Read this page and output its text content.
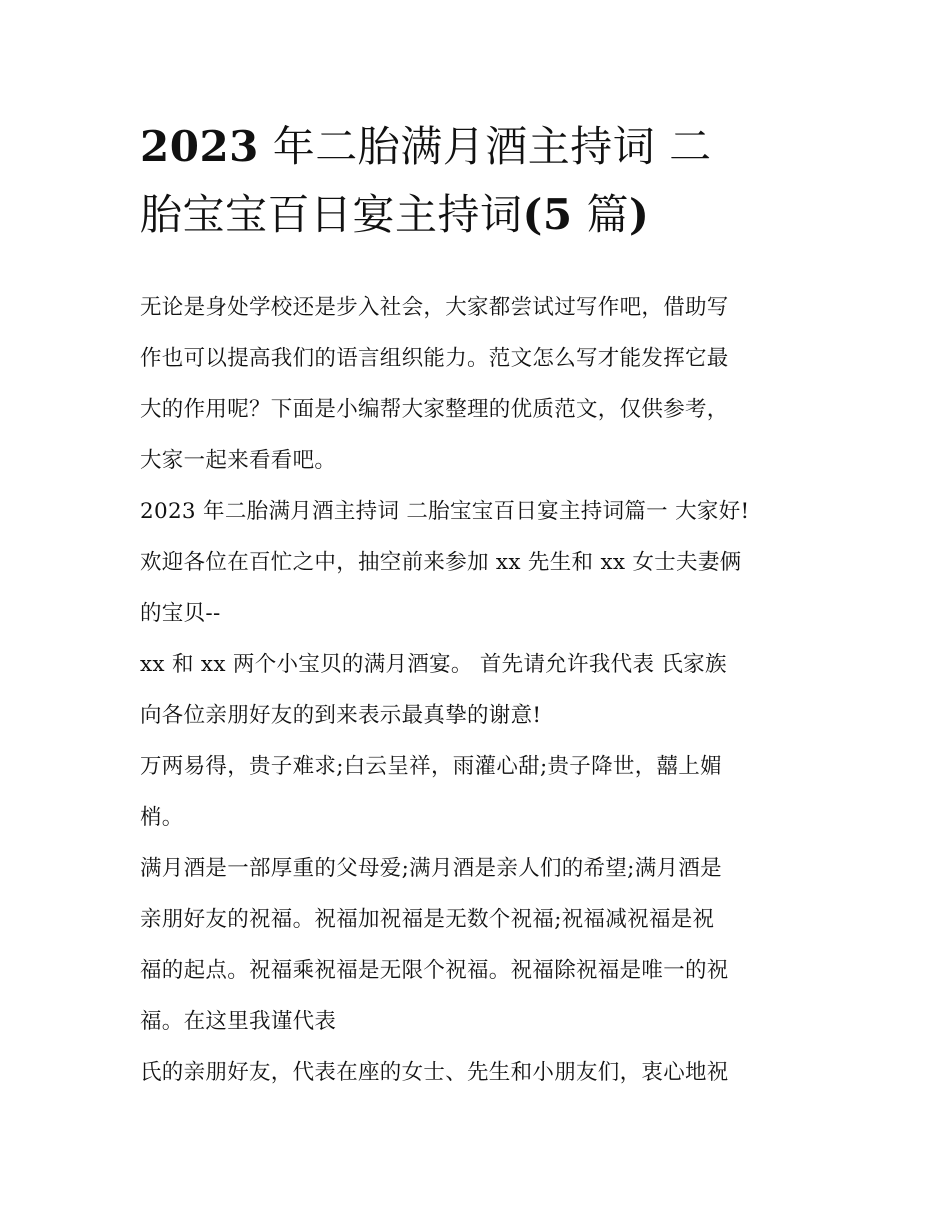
2023 年二胎满月酒主持词 二
胎宝宝百日宴主持词(5 篇)

无论是身处学校还是步入社会，大家都尝试过写作吧，借助写
作也可以提高我们的语言组织能力。范文怎么写才能发挥它最
大的作用呢？下面是小编帮大家整理的优质范文，仅供参考，
大家一起来看看吧。

2023 年二胎满月酒主持词 二胎宝宝百日宴主持词篇一 大家好!
欢迎各位在百忙之中，抽空前来参加 xx 先生和 xx 女士夫妻俩
的宝贝--

xx 和 xx 两个小宝贝的满月酒宴。 首先请允许我代表 氏家族
向各位亲朋好友的到来表示最真挚的谢意!

万两易得，贵子难求;白云呈祥，雨灌心甜;贵子降世，囍上媚
梢。

满月酒是一部厚重的父母爱;满月酒是亲人们的希望;满月酒是
亲朋好友的祝福。祝福加祝福是无数个祝福;祝福减祝福是祝
福的起点。祝福乘祝福是无限个祝福。祝福除祝福是唯一的祝
福。在这里我谨代表

氏的亲朋好友，代表在座的女士、先生和小朋友们，衷心地祝
